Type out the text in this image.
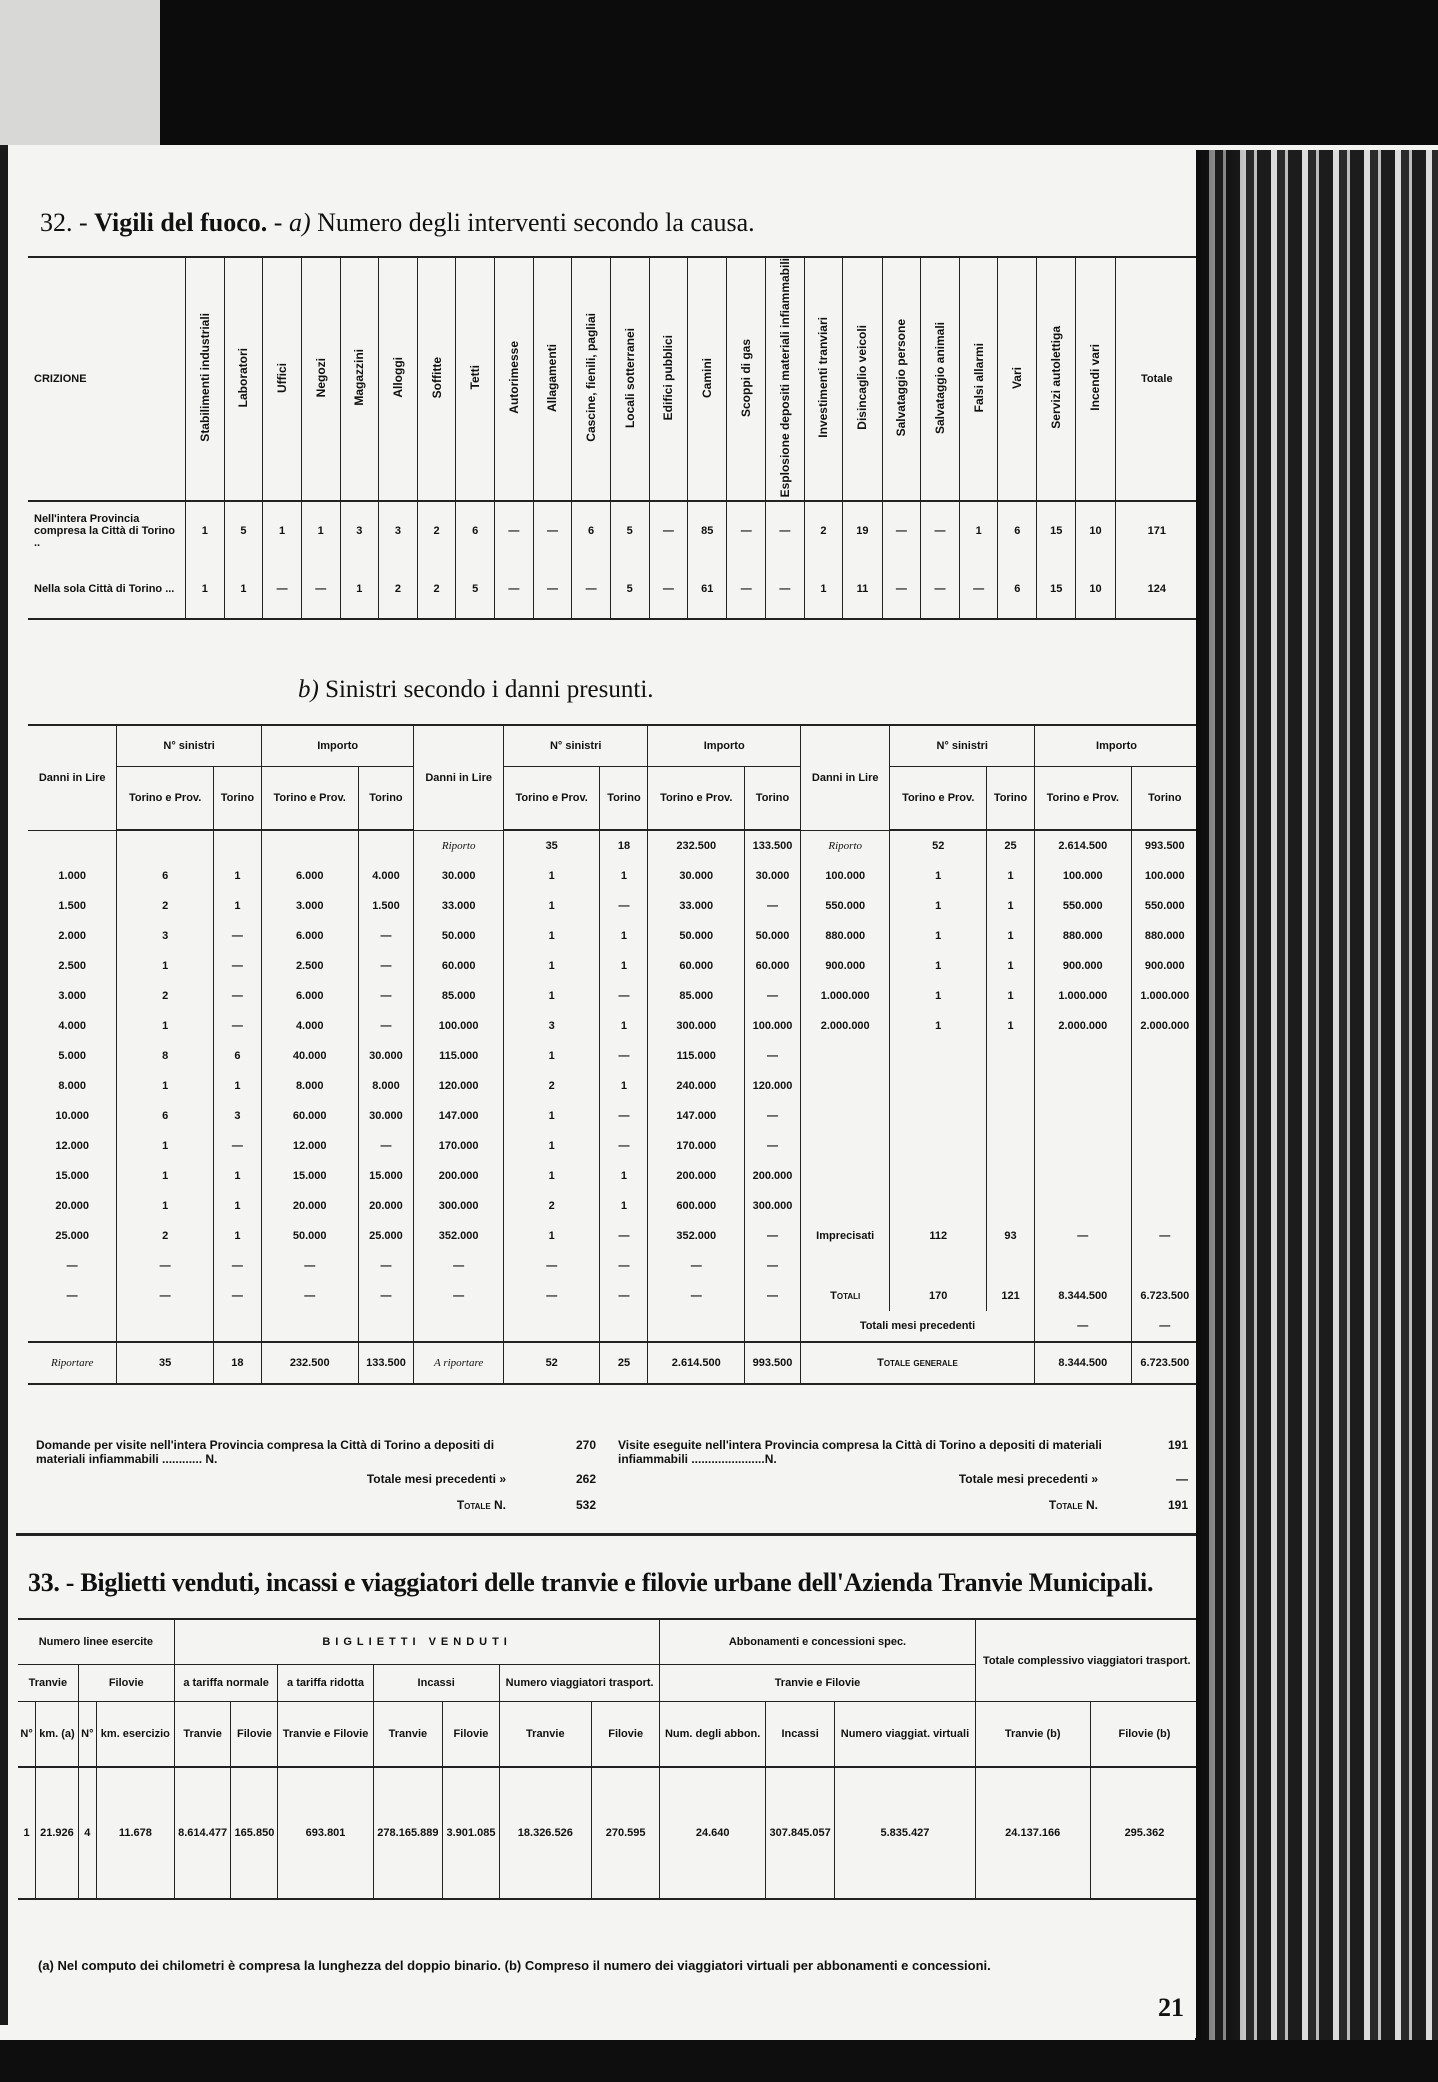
32. - Vigili del fuoco. - a) Numero degli interventi secondo la causa.
CRIZIONE	Stabilimenti industriali	Laboratori	Uffici	Negozi	Magazzini	Alloggi	Soffitte	Tetti	Autorimesse	Allagamenti	Cascine, fienili, pagliai	Locali sotterranei	Edifici pubblici	Camini	Scoppi di gas	Esplosione depositi materiali infiammabili	Investimenti tranviari	Disincaglio veicoli	Salvataggio persone	Salvataggio animali	Falsi allarmi	Vari	Servizi autolettiga	Incendi vari	Totale
Nell'intera Provincia compresa la Città di Torino ..	1	5	1	1	3	3	2	6	—	—	6	5	—	85	—	—	2	19	—	—	1	6	15	10	171
Nella sola Città di Torino ...	1	1	—	—	1	2	2	5	—	—	—	5	—	61	—	—	1	11	—	—	—	6	15	10	124
b) Sinistri secondo i danni presunti.
Danni in Lire	N° sinistri		Importo		Danni in Lire	N° sinistri		Importo		Danni in Lire	N° sinistri		Importo	
	Torino e Prov.	Torino	Torino e Prov.	Torino		Torino e Prov.	Torino	Torino e Prov.	Torino		Torino e Prov.	Torino	Torino e Prov.	Torino
					Riporto	35	18	232.500	133.500	Riporto	52	25	2.614.500	993.500
1.000	6	1	6.000	4.000	30.000	1	1	30.000	30.000	100.000	1	1	100.000	100.000
1.500	2	1	3.000	1.500	33.000	1	—	33.000	—	550.000	1	1	550.000	550.000
2.000	3	—	6.000	—	50.000	1	1	50.000	50.000	880.000	1	1	880.000	880.000
2.500	1	—	2.500	—	60.000	1	1	60.000	60.000	900.000	1	1	900.000	900.000
3.000	2	—	6.000	—	85.000	1	—	85.000	—	1.000.000	1	1	1.000.000	1.000.000
4.000	1	—	4.000	—	100.000	3	1	300.000	100.000	2.000.000	1	1	2.000.000	2.000.000
5.000	8	6	40.000	30.000	115.000	1	—	115.000	—					
8.000	1	1	8.000	8.000	120.000	2	1	240.000	120.000					
10.000	6	3	60.000	30.000	147.000	1	—	147.000	—					
12.000	1	—	12.000	—	170.000	1	—	170.000	—					
15.000	1	1	15.000	15.000	200.000	1	1	200.000	200.000					
20.000	1	1	20.000	20.000	300.000	2	1	600.000	300.000					
25.000	2	1	50.000	25.000	352.000	1	—	352.000	—	Imprecisati	112	93	—	—
—	—	—	—	—	—	—	—	—	—					
—	—	—	—	—	—	—	—	—	—	Totali	170	121	8.344.500	6.723.500
										Totali mesi precedenti			—	—
Riportare	35	18	232.500	133.500	A riportare	52	25	2.614.500	993.500	Totale generale			8.344.500	6.723.500
Domande per visite nell'intera Provincia compresa la Città di Torino a depositi di materiali infiammabili ............ N.
270
Totale mesi precedenti »	262
Totale N.	532
Visite eseguite nell'intera Provincia compresa la Città di Torino a depositi di materiali infiammabili ......................N.
191
Totale mesi precedenti »	—
Totale N.	191
33. - Biglietti venduti, incassi e viaggiatori delle tranvie e filovie urbane dell'Azienda Tranvie Municipali.
Numero linee esercite				BIGLIETTI VENDUTI							Abbonamenti e concessioni spec.			Totale complessivo viaggiatori trasport.	
Tranvie		Filovie		a tariffa normale		a tariffa ridotta	Incassi		Numero viaggiatori trasport.		Tranvie e Filovie				
N°	km. (a)	N°	km. esercizio	Tranvie	Filovie	Tranvie e Filovie	Tranvie	Filovie	Tranvie	Filovie	Num. degli abbon.	Incassi	Numero viaggiat. virtuali	Tranvie (b)	Filovie (b)
1	21.926	4	11.678	8.614.477	165.850	693.801	278.165.889	3.901.085	18.326.526	270.595	24.640	307.845.057	5.835.427	24.137.166	295.362
(a) Nel computo dei chilometri è compresa la lunghezza del doppio binario. (b) Compreso il numero dei viaggiatori virtuali per abbonamenti e concessioni.
21
